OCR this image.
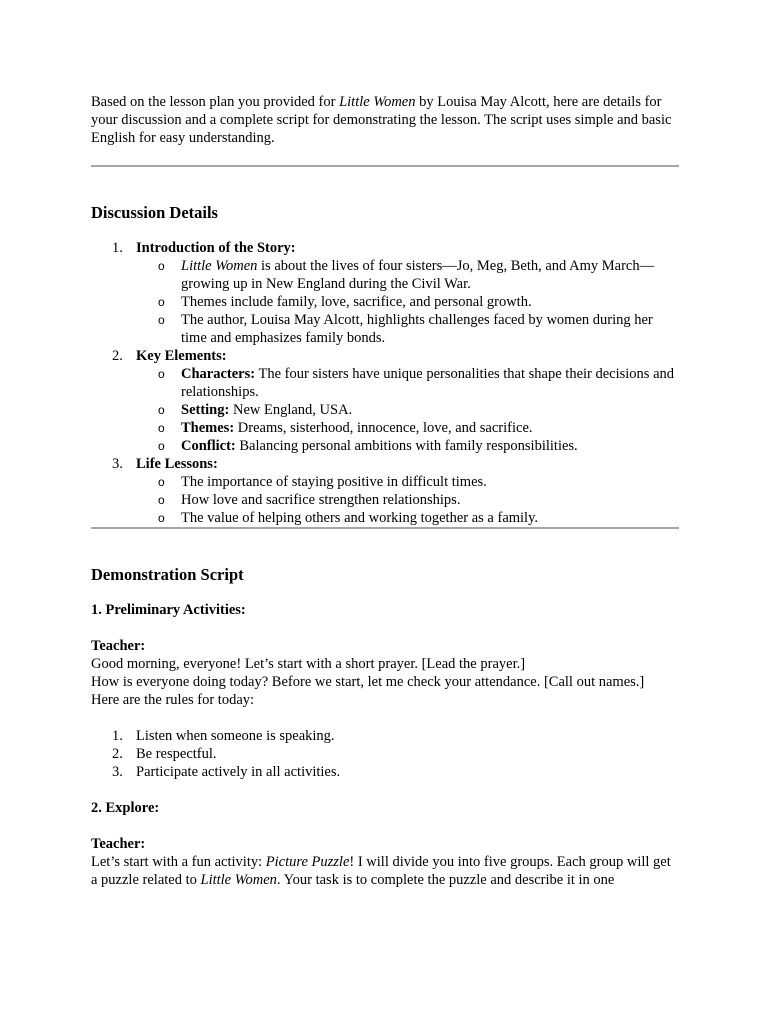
Based on the lesson plan you provided for Little Women by Louisa May Alcott, here are details for your discussion and a complete script for demonstrating the lesson. The script uses simple and basic English for easy understanding.

Discussion Details
1. Introduction of the Story:
o Little Women is about the lives of four sisters—Jo, Meg, Beth, and Amy March—growing up in New England during the Civil War.
o Themes include family, love, sacrifice, and personal growth.
o The author, Louisa May Alcott, highlights challenges faced by women during her time and emphasizes family bonds.
2. Key Elements:
o Characters: The four sisters have unique personalities that shape their decisions and relationships.
o Setting: New England, USA.
o Themes: Dreams, sisterhood, innocence, love, and sacrifice.
o Conflict: Balancing personal ambitions with family responsibilities.
3. Life Lessons:
o The importance of staying positive in difficult times.
o How love and sacrifice strengthen relationships.
o The value of helping others and working together as a family.
Demonstration Script

1. Preliminary Activities:

Teacher:

Good morning, everyone! Let’s start with a short prayer. [Lead the prayer.]

How is everyone doing today? Before we start, let me check your attendance. [Call out names.]

Here are the rules for today:

1. Listen when someone is speaking.
2. Be respectful.
3. Participate actively in all activities.

2. Explore:

Teacher:

Let’s start with a fun activity: Picture Puzzle! I will divide you into five groups. Each group will get a puzzle related to Little Women. Your task is to complete the puzzle and describe it in one
